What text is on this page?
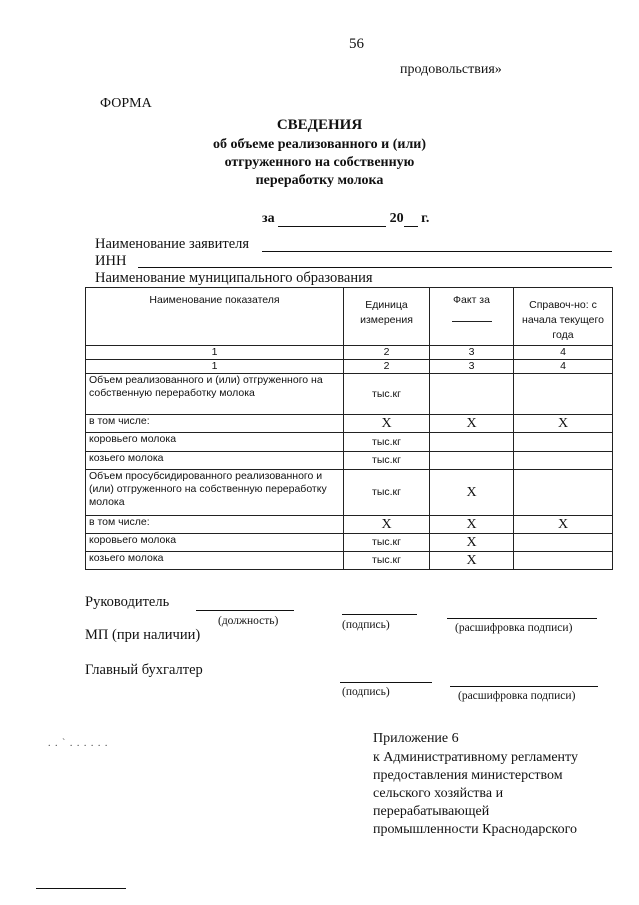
56
продовольствия»
ФОРМА
СВЕДЕНИЯ
об объеме реализованного и (или)
отгруженного на собственную
переработку молока
за	20 г.
Наименование заявителя
ИНН
Наименование муниципального образования
Наименование показателя	Единица измерения	Факт за	Справоч-но: с начала текущего года

1	2	3	4
1	2	3	4
Объем реализованного и (или) отгруженного на собственную переработку молока	тыс.кг		
в том числе:	Х	Х	Х
коровьего молока	тыс.кг		
козьего молока	тыс.кг		
Объем просубсидированного реализованного и (или) отгруженного на собственную переработку молока	тыс.кг	Х	
в том числе:	Х	Х	Х
коровьего молока	тыс.кг	Х	
козьего молока	тыс.кг	Х	
Руководитель
(должность)	(подпись)	(расшифровка подписи)
МП (при наличии)
Главный бухгалтер
(подпись)	(расшифровка подписи)
. . ` . . . . . .	Приложение 6
к Административному регламенту
предоставления министерством
сельского хозяйства и
перерабатывающей
промышленности Краснодарского
